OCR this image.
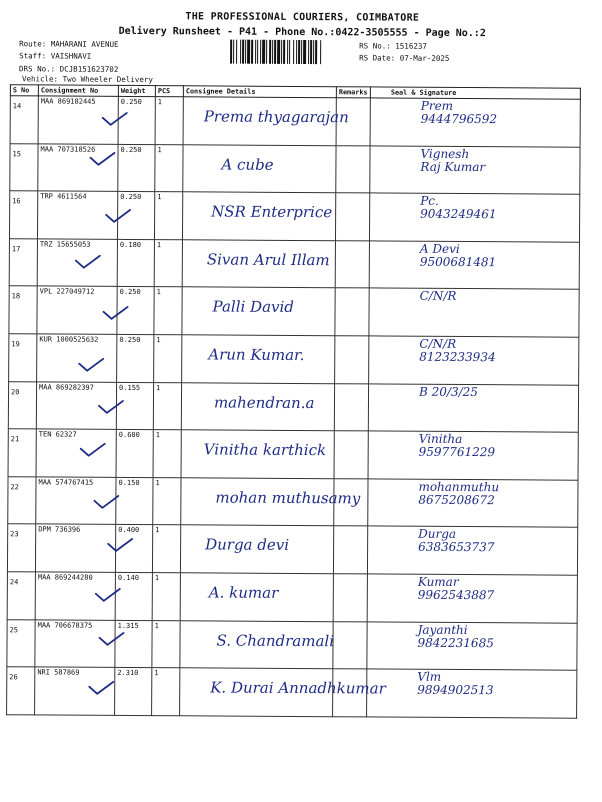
THE PROFESSIONAL COURIERS, COIMBATORE
Delivery Runsheet - P41 - Phone No.:0422-3505555 - Page No.:2
Route: MAHARANI AVENUE
Staff: VAISHNAVI
DRS No.: DCJB151623702
Vehicle: Two Wheeler Delivery
RS No.: 1516237
RS Date: 07-Mar-2025
S No	Consignment No	Weight	PCS	Consignee Details	Remarks	Seal & Signature
14	MAA 869182445	0.250	1	Prema thyagarajan		Prem
9444796592

15	MAA 707318526	0.250	1	A cube		Vignesh
Raj Kumar

16	TRP 4611564	0.250	1	NSR Enterprice		Pc.
9043249461

17	TRZ 15655053	0.180	1	Sivan Arul Illam		A Devi
9500681481

18	VPL 227049712	0.250	1	Palli David		C/N/R

19	KUR 1000525632	0.250	1	Arun Kumar.		C/N/R
8123233934

20	MAA 869282397	0.155	1	mahendran.a		B 20/3/25

21	TEN 62327	0.600	1	Vinitha karthick		Vinitha
9597761229

22	MAA 574767415	0.150	1	mohan muthusamy		mohanmuthu
8675208672

23	DPM 736396	0.400	1	Durga devi		Durga
6383653737

24	MAA 869244280	0.140	1	A. kumar		Kumar
9962543887

25	MAA 706678375	1.315	1	S. Chandramali		Jayanthi
9842231685

26	NRI 587869	2.310	1	K. Durai Annadhkumar		Vlm
9894902513
